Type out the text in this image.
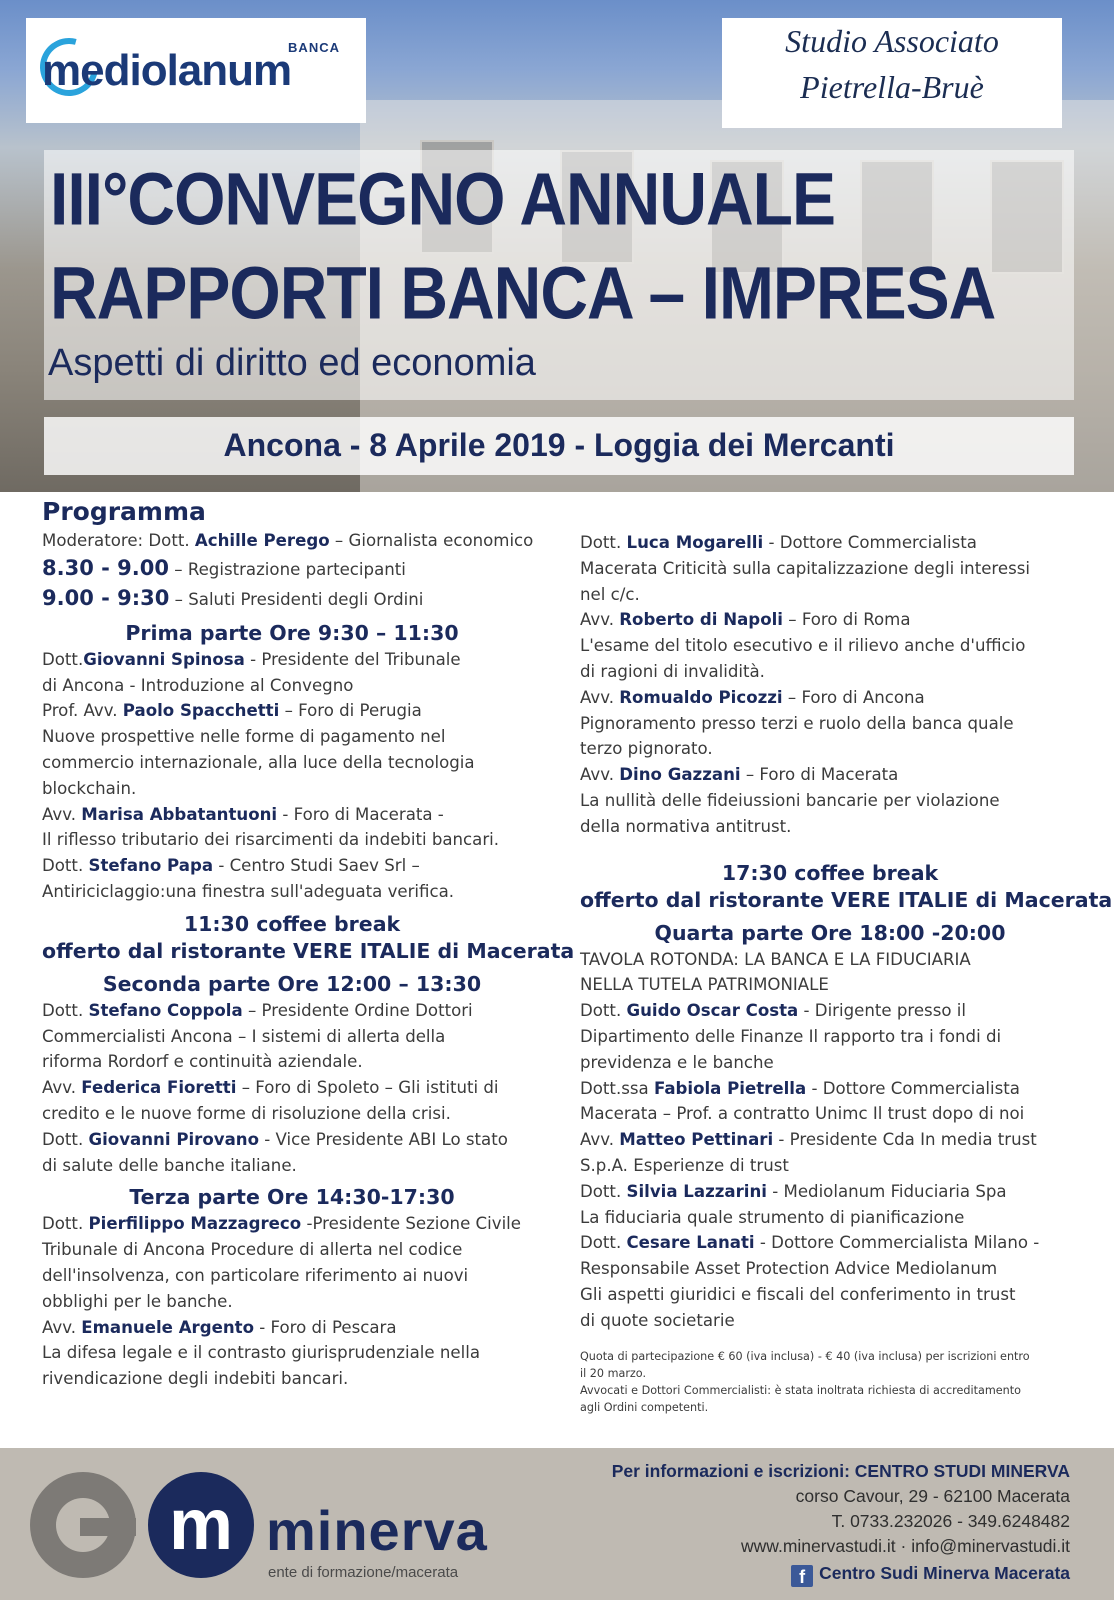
BANCA
mediolanum
Studio Associato
Pietrella-Bruè
III°CONVEGNO ANNUALE
RAPPORTI BANCA – IMPRESA
Aspetti di diritto ed economia
Ancona - 8 Aprile 2019 - Loggia dei Mercanti
Programma
Moderatore: Dott. Achille Perego – Giornalista economico
8.30 - 9.00 – Registrazione partecipanti
9.00 - 9:30 – Saluti Presidenti degli Ordini
Prima parte Ore 9:30 – 11:30
Dott.Giovanni Spinosa - Presidente del Tribunale
di Ancona - Introduzione al Convegno
Prof. Avv. Paolo Spacchetti – Foro di Perugia
Nuove prospettive nelle forme di pagamento nel
commercio internazionale, alla luce della tecnologia
blockchain.
Avv. Marisa Abbatantuoni - Foro di Macerata -
Il riflesso tributario dei risarcimenti da indebiti bancari.
Dott. Stefano Papa - Centro Studi Saev Srl –
Antiriciclaggio:una finestra sull'adeguata verifica.
11:30 coffee break
offerto dal ristorante VERE ITALIE di Macerata
Seconda parte Ore 12:00 – 13:30
Dott. Stefano Coppola – Presidente Ordine Dottori
Commercialisti Ancona – I sistemi di allerta della
riforma Rordorf e continuità aziendale.
Avv. Federica Fioretti – Foro di Spoleto – Gli istituti di
credito e le nuove forme di risoluzione della crisi.
Dott. Giovanni Pirovano - Vice Presidente ABI Lo stato
di salute delle banche italiane.
Terza parte Ore 14:30-17:30
Dott. Pierfilippo Mazzagreco -Presidente Sezione Civile
Tribunale di Ancona Procedure di allerta nel codice
dell'insolvenza, con particolare riferimento ai nuovi
obblighi per le banche.
Avv. Emanuele Argento - Foro di Pescara
La difesa legale e il contrasto giurisprudenziale nella
rivendicazione degli indebiti bancari.
Dott. Luca Mogarelli - Dottore Commercialista
Macerata Criticità sulla capitalizzazione degli interessi
nel c/c.
Avv. Roberto di Napoli – Foro di Roma
L'esame del titolo esecutivo e il rilievo anche d'ufficio
di ragioni di invalidità.
Avv. Romualdo Picozzi – Foro di Ancona
Pignoramento presso terzi e ruolo della banca quale
terzo pignorato.
Avv. Dino Gazzani – Foro di Macerata
La nullità delle fideiussioni bancarie per violazione
della normativa antitrust.
17:30 coffee break
offerto dal ristorante VERE ITALIE di Macerata
Quarta parte Ore 18:00 -20:00
TAVOLA ROTONDA: LA BANCA E LA FIDUCIARIA
NELLA TUTELA PATRIMONIALE
Dott. Guido Oscar Costa - Dirigente presso il
Dipartimento delle Finanze Il rapporto tra i fondi di
previdenza e le banche
Dott.ssa Fabiola Pietrella - Dottore Commercialista
Macerata – Prof. a contratto Unimc Il trust dopo di noi
Avv. Matteo Pettinari - Presidente Cda In media trust
S.p.A. Esperienze di trust
Dott. Silvia Lazzarini - Mediolanum Fiduciaria Spa
La fiduciaria quale strumento di pianificazione
Dott. Cesare Lanati - Dottore Commercialista Milano -
Responsabile Asset Protection Advice Mediolanum
Gli aspetti giuridici e fiscali del conferimento in trust
di quote societarie
Quota di partecipazione € 60 (iva inclusa) - € 40 (iva inclusa) per iscrizioni entro
il 20 marzo.
Avvocati e Dottori Commercialisti: è stata inoltrata richiesta di accreditamento
agli Ordini competenti.
m minerva
ente di formazione/macerata
Per informazioni e iscrizioni: CENTRO STUDI MINERVA
corso Cavour, 29 - 62100 Macerata
T. 0733.232026 - 349.6248482
www.minervastudi.it · info@minervastudi.it
f Centro Sudi Minerva Macerata
